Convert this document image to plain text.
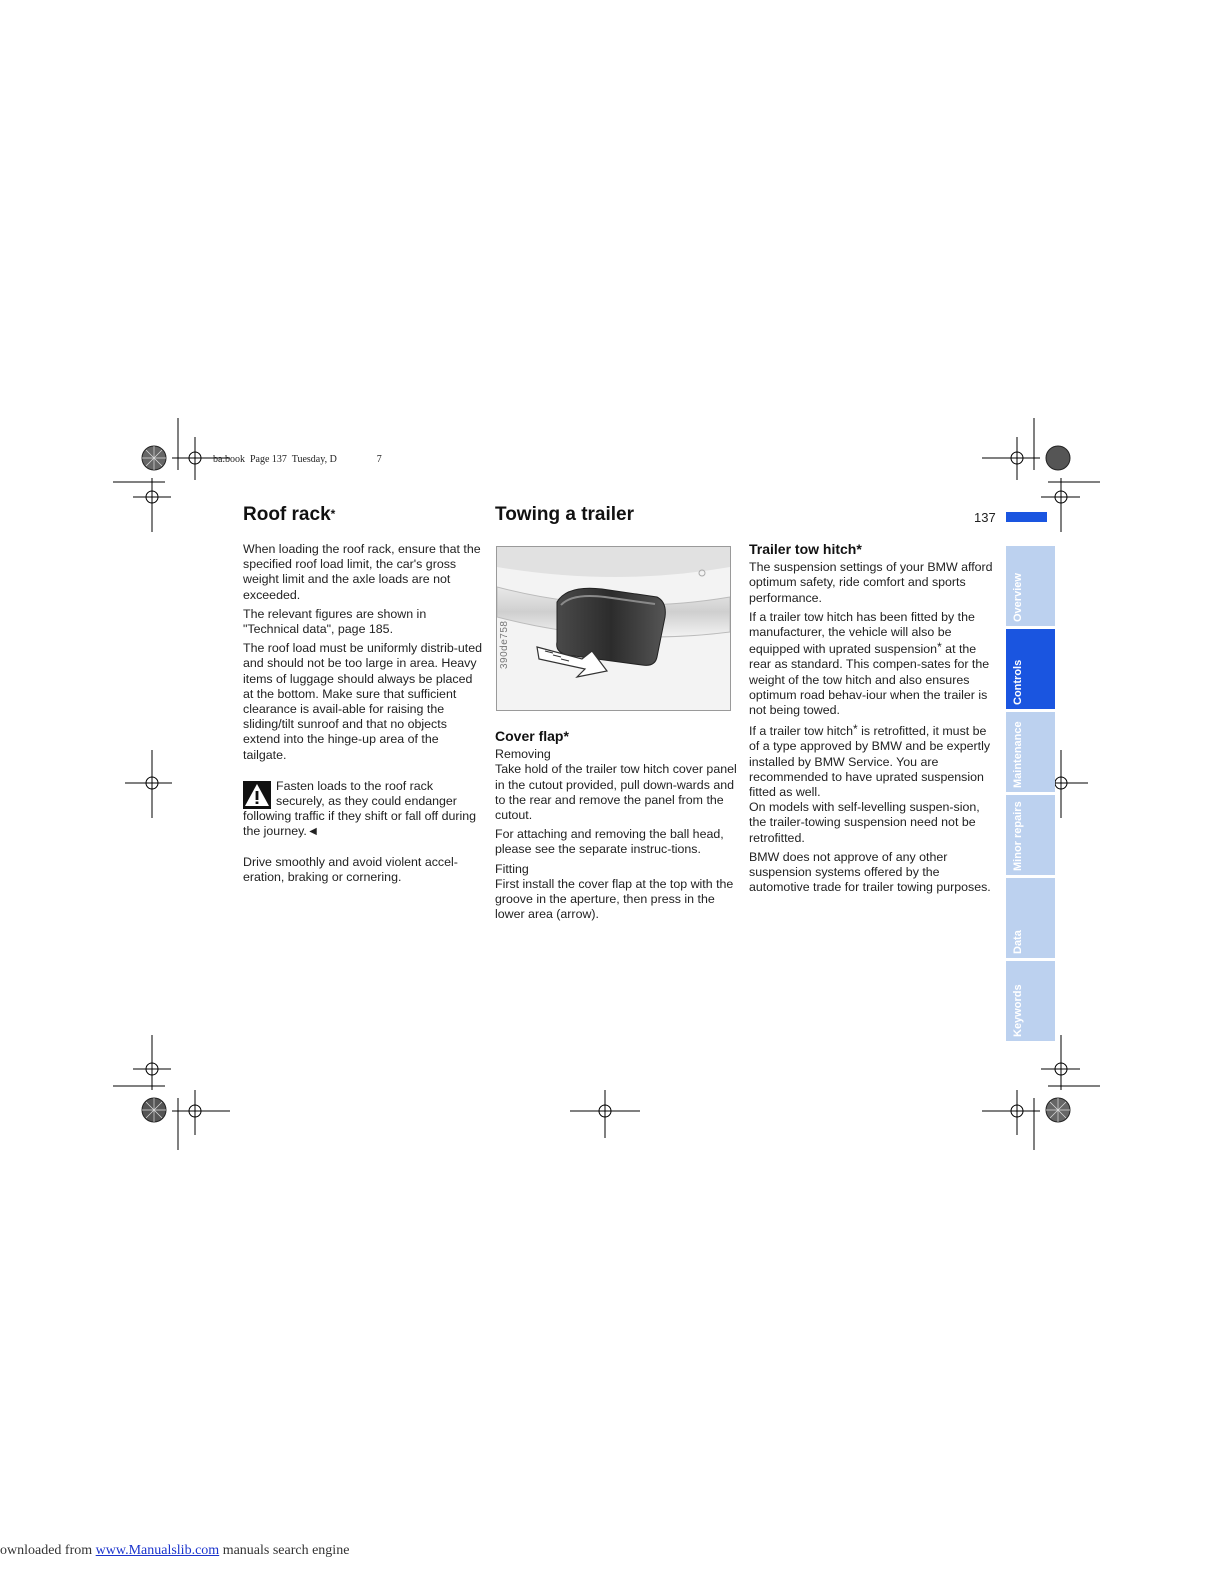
ba.book  Page 137  Tuesday, D	7
Roof rack*	Towing a trailer	137

When loading the roof rack, ensure that the specified roof load limit, the car's gross weight limit and the axle loads are not exceeded.

The relevant figures are shown in "Technical data", page 185.

The roof load must be uniformly distrib-uted and should not be too large in area. Heavy items of luggage should always be placed at the bottom. Make sure that sufficient clearance is avail-able for raising the sliding/tilt sunroof and that no objects extend into the hinge-up area of the tailgate.

Fasten loads to the roof rack securely, as they could endanger following traffic if they shift or fall off during the journey.◄

Drive smoothly and avoid violent accel-eration, braking or cornering.

390de758
Cover flap*
Removing

Take hold of the trailer tow hitch cover panel in the cutout provided, pull down-wards and to the rear and remove the panel from the cutout.

For attaching and removing the ball head, please see the separate instruc-tions.

Fitting

First install the cover flap at the top with the groove in the aperture, then press in the lower area (arrow).

Trailer tow hitch*

The suspension settings of your BMW afford optimum safety, ride comfort and sports performance.

If a trailer tow hitch has been fitted by the manufacturer, the vehicle will also be equipped with uprated suspension* at the rear as standard. This compen-sates for the weight of the tow hitch and also ensures optimum road behav-iour when the trailer is not being towed.

If a trailer tow hitch* is retrofitted, it must be of a type approved by BMW and be expertly installed by BMW Service. You are recommended to have uprated suspension fitted as well.

On models with self-levelling suspen-sion, the trailer-towing suspension need not be retrofitted.

BMW does not approve of any other suspension systems offered by the automotive trade for trailer towing purposes.

Overview
Controls
Maintenance
Minor repairs
Data
Keywords
ownloaded from www.Manualslib.com manuals search engine
